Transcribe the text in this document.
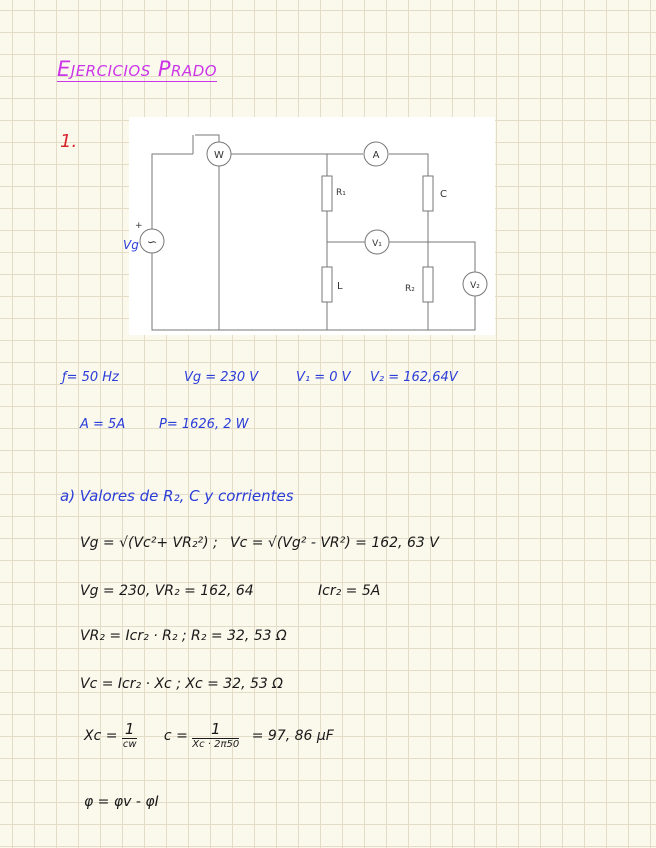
Ejercicios Prado
1.
W	A
R₁	C
V₁
L	R₂	V₂
∽
+
Vg
ƒ= 50 Hz	Vg = 230 V	V₁ = 0 V V₂ = 162,64V
A = 5A	P= 1626, 2 W
a) Valores de R₂, C y corrientes
Vg = √(Vc²+ VR₂²) ; Vc = √(Vg² - VR²) = 162, 63 V
Vg = 230, VR₂ = 162, 64	Icr₂ = 5A
VR₂ = Icr₂ · R₂ ; R₂ = 32, 53 Ω
Vc = Icr₂ · Xc ; Xc = 32, 53 Ω
$Xc = \frac{1}{cw}$ $c = \frac{1}{Xc \cdot 2\pi 50} = 97$, 86 μF
φ = φv - φI
